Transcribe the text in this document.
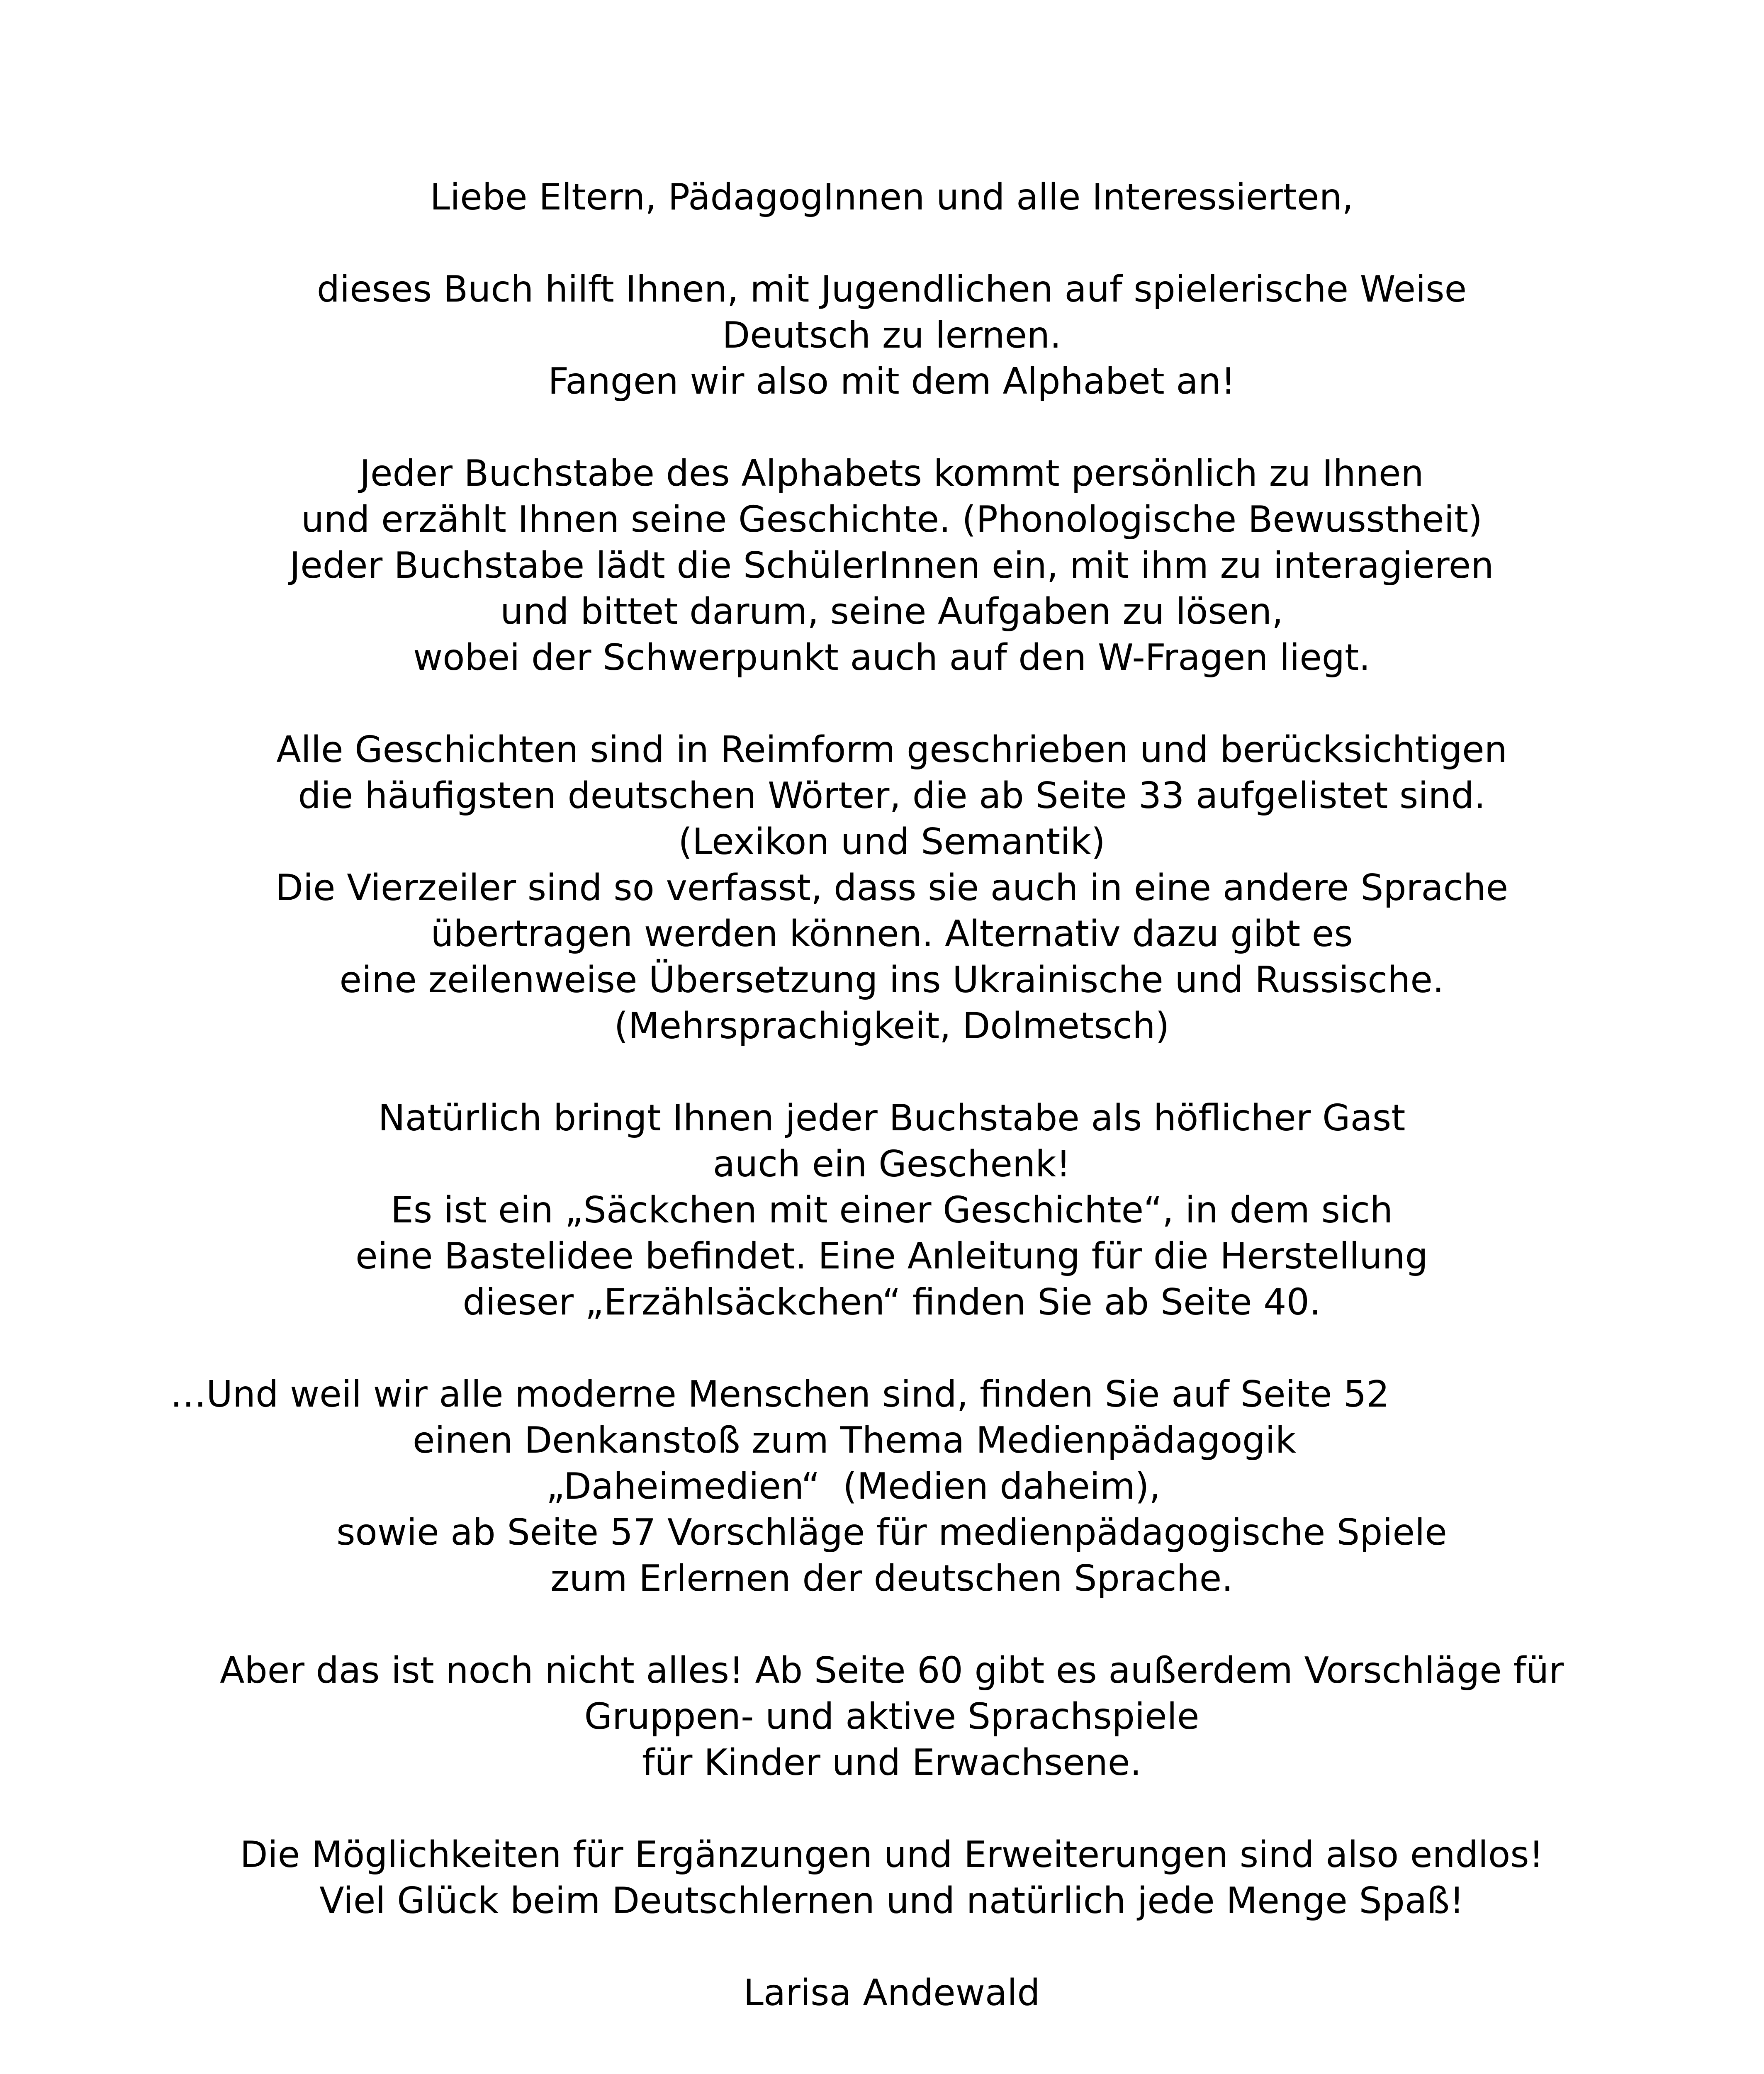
Liebe Eltern, PädagogInnen und alle Interessierten,

dieses Buch hilft Ihnen, mit Jugendlichen auf spielerische Weise
Deutsch zu lernen.
Fangen wir also mit dem Alphabet an!

Jeder Buchstabe des Alphabets kommt persönlich zu Ihnen
und erzählt Ihnen seine Geschichte. (Phonologische Bewusstheit)
Jeder Buchstabe lädt die SchülerInnen ein, mit ihm zu interagieren
und bittet darum, seine Aufgaben zu lösen,
wobei der Schwerpunkt auch auf den W-Fragen liegt.

Alle Geschichten sind in Reimform geschrieben und berücksichtigen
die häufigsten deutschen Wörter, die ab Seite 33 aufgelistet sind.
(Lexikon und Semantik)
Die Vierzeiler sind so verfasst, dass sie auch in eine andere Sprache
übertragen werden können. Alternativ dazu gibt es
eine zeilenweise Übersetzung ins Ukrainische und Russische.
(Mehrsprachigkeit, Dolmetsch)

Natürlich bringt Ihnen jeder Buchstabe als höflicher Gast
auch ein Geschenk!
Es ist ein „Säckchen mit einer Geschichte“, in dem sich
eine Bastelidee befindet. Eine Anleitung für die Herstellung
dieser „Erzählsäckchen“ finden Sie ab Seite 40.

…Und weil wir alle moderne Menschen sind, finden Sie auf Seite 52
einen Denkanstoß zum Thema Medienpädagogik
„Daheimedien“  (Medien daheim),
sowie ab Seite 57 Vorschläge für medienpädagogische Spiele
zum Erlernen der deutschen Sprache.

Aber das ist noch nicht alles! Ab Seite 60 gibt es außerdem Vorschläge für
Gruppen- und aktive Sprachspiele
für Kinder und Erwachsene.

Die Möglichkeiten für Ergänzungen und Erweiterungen sind also endlos!
Viel Glück beim Deutschlernen und natürlich jede Menge Spaß!

Larisa Andewald
